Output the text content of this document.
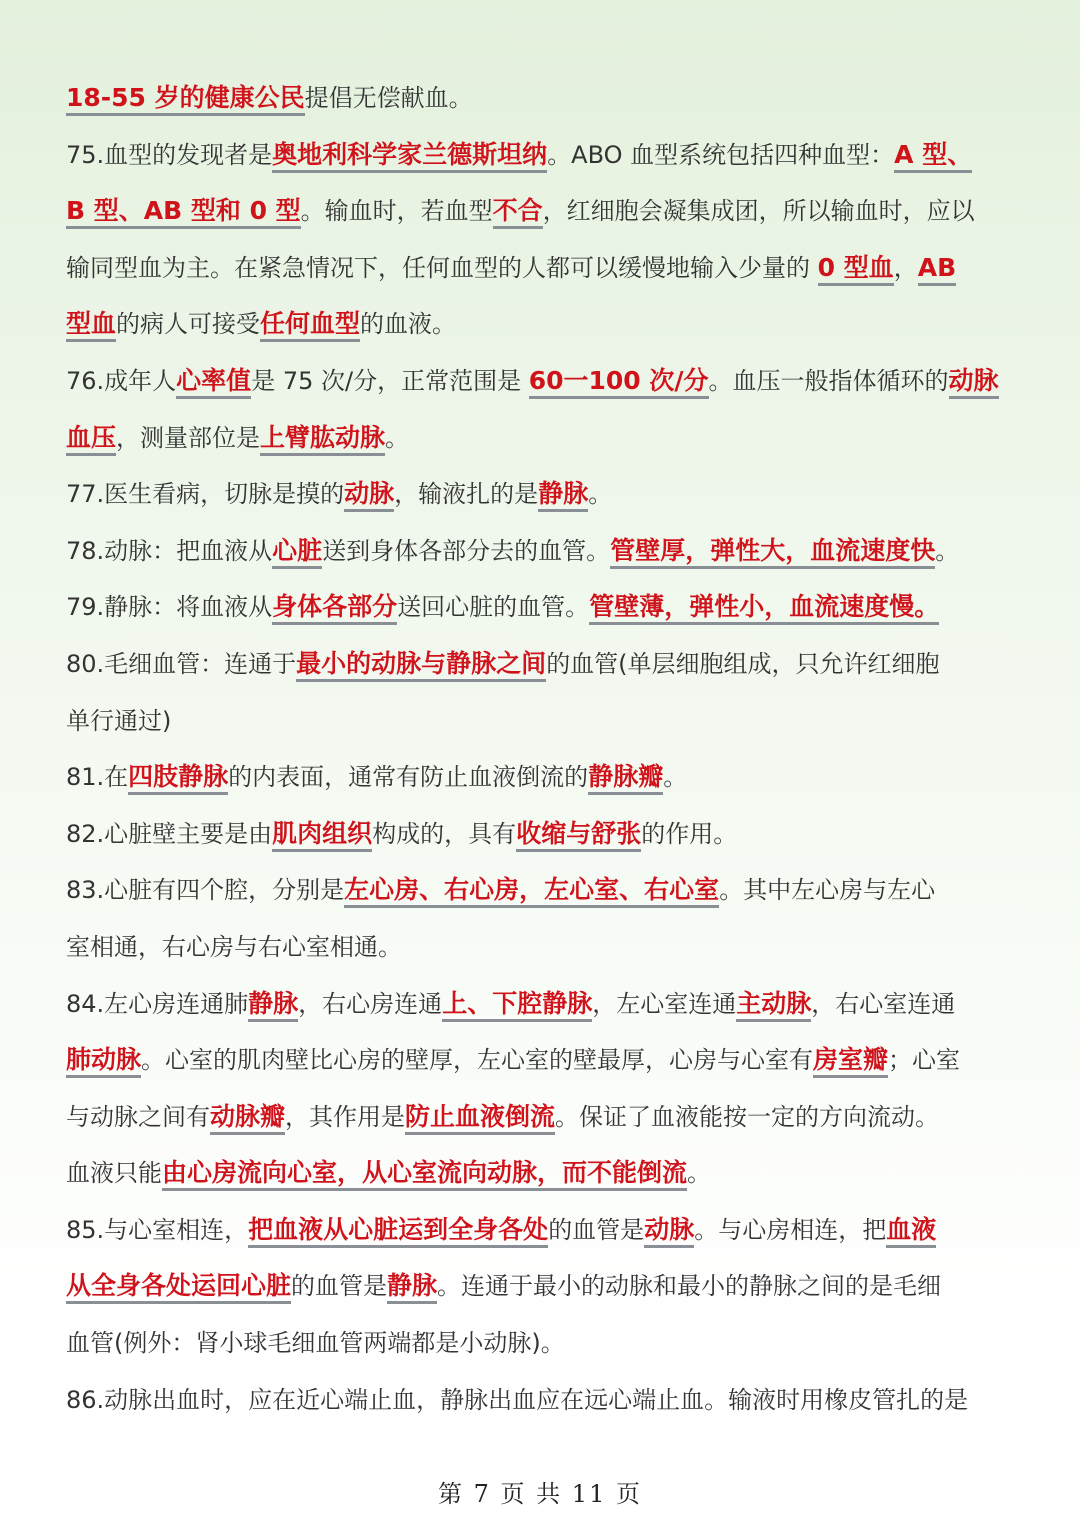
18-55 岁的健康公民提倡无偿献血。
75.血型的发现者是奥地利科学家兰德斯坦纳。ABO 血型系统包括四种血型：A 型、
B 型、AB 型和 0 型。输血时，若血型不合，红细胞会凝集成团，所以输血时，应以
输同型血为主。在紧急情况下，任何血型的人都可以缓慢地输入少量的 0 型血，AB
型血的病人可接受任何血型的血液。
76.成年人心率值是 75 次/分，正常范围是 60一100 次/分。血压一般指体循环的动脉
血压，测量部位是上臂肱动脉。
77.医生看病，切脉是摸的动脉，输液扎的是静脉。
78.动脉：把血液从心脏送到身体各部分去的血管。管壁厚，弹性大，血流速度快。
79.静脉：将血液从身体各部分送回心脏的血管。管壁薄，弹性小，血流速度慢。
80.毛细血管：连通于最小的动脉与静脉之间的血管(单层细胞组成，只允许红细胞
单行通过)
81.在四肢静脉的内表面，通常有防止血液倒流的静脉瓣。
82.心脏壁主要是由肌肉组织构成的，具有收缩与舒张的作用。
83.心脏有四个腔，分别是左心房、右心房，左心室、右心室。其中左心房与左心
室相通，右心房与右心室相通。
84.左心房连通肺静脉，右心房连通上、下腔静脉，左心室连通主动脉，右心室连通
肺动脉。心室的肌肉壁比心房的壁厚，左心室的壁最厚，心房与心室有房室瓣；心室
与动脉之间有动脉瓣，其作用是防止血液倒流。保证了血液能按一定的方向流动。
血液只能由心房流向心室，从心室流向动脉，而不能倒流。
85.与心室相连，把血液从心脏运到全身各处的血管是动脉。与心房相连，把血液
从全身各处运回心脏的血管是静脉。连通于最小的动脉和最小的静脉之间的是毛细
血管(例外：肾小球毛细血管两端都是小动脉)。
86.动脉出血时，应在近心端止血，静脉出血应在远心端止血。输液时用橡皮管扎的是
第 7 页 共 11 页
